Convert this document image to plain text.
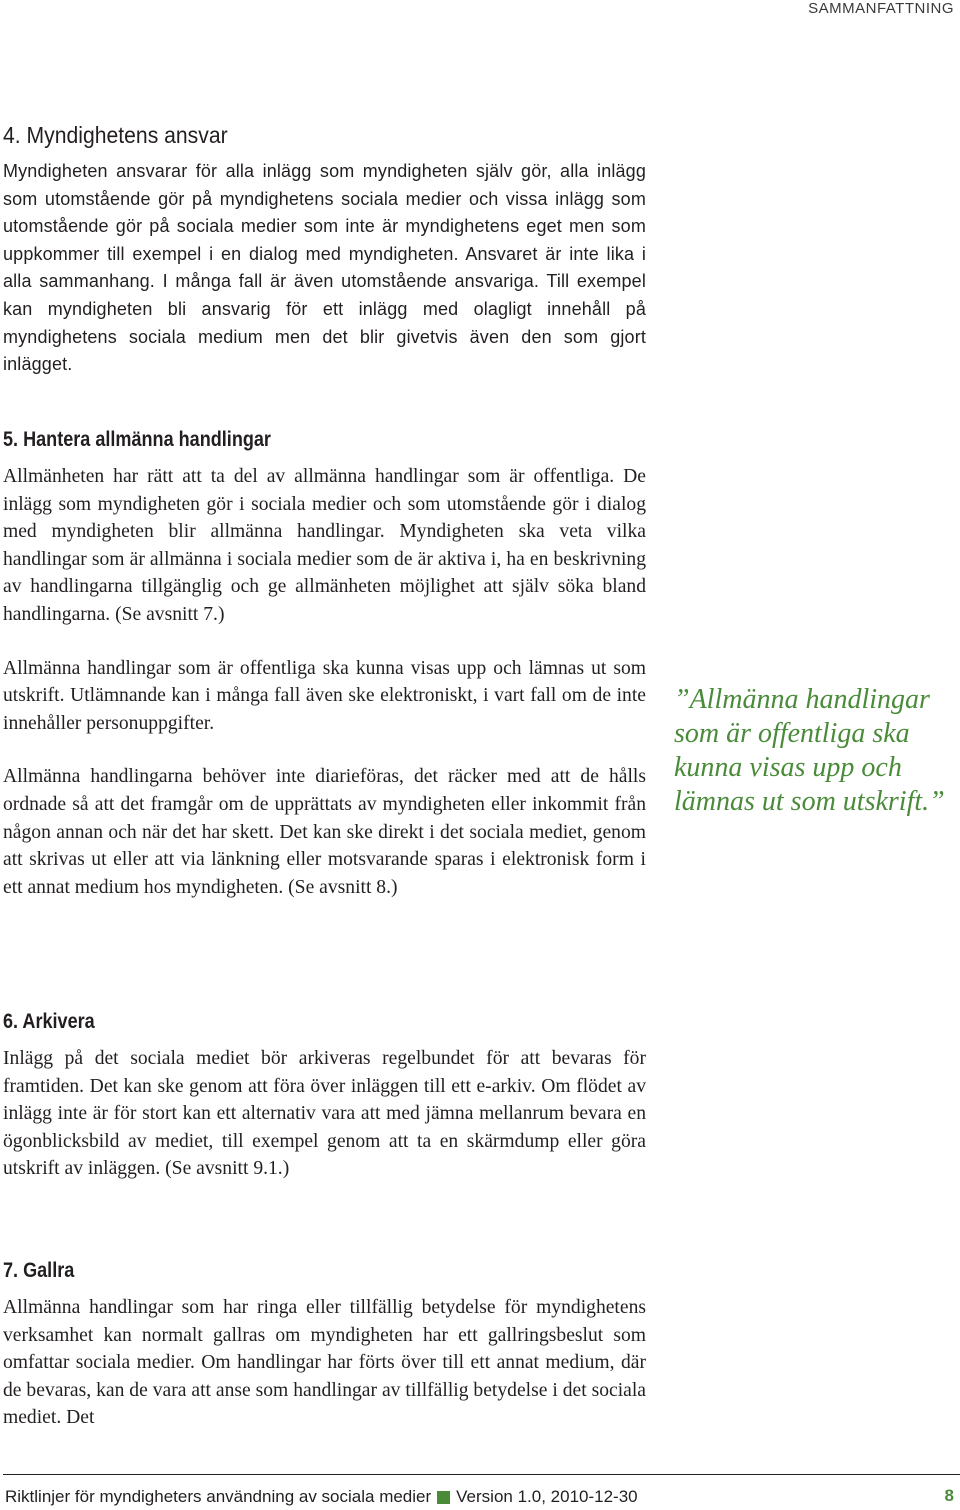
SAMMANFATTNING
4. Myndighetens ansvar

Myndigheten ansvarar för alla inlägg som myndigheten själv gör, alla inlägg som utomstående gör på myndighetens sociala medier och vissa inlägg som utomstående gör på sociala medier som inte är myndighetens eget men som uppkommer till exempel i en dialog med myndigheten. Ansvaret är inte lika i alla sammanhang. I många fall är även utomstående ansvariga. Till exempel kan myndigheten bli ansvarig för ett inlägg med olagligt innehåll på myndighetens sociala medium men det blir givetvis även den som gjort inlägget.

5. Hantera allmänna handlingar

Allmänheten har rätt att ta del av allmänna handlingar som är offentliga. De inlägg som myndigheten gör i sociala medier och som utomstående gör i dialog med myndigheten blir allmänna handlingar. Myndigheten ska veta vilka handlingar som är allmänna i sociala medier som de är aktiva i, ha en beskrivning av handlingarna tillgänglig och ge allmänheten möjlighet att själv söka bland handlingarna. (Se avsnitt 7.)

Allmänna handlingar som är offentliga ska kunna visas upp och lämnas ut som utskrift. Utlämnande kan i många fall även ske elektroniskt, i vart fall om de inte innehåller personuppgifter.

Allmänna handlingarna behöver inte diarieföras, det räcker med att de hålls ordnade så att det framgår om de upprättats av myndigheten eller inkommit från någon annan och när det har skett. Det kan ske direkt i det sociala mediet, genom att skrivas ut eller att via länkning eller motsvarande sparas i elektronisk form i ett annat medium hos myndigheten. (Se avsnitt 8.)

”Allmänna handlingar
som är offentliga ska
kunna visas upp och
lämnas ut som utskrift.”
6. Arkivera

Inlägg på det sociala mediet bör arkiveras regelbundet för att bevaras för framtiden. Det kan ske genom att föra över inläggen till ett e-arkiv. Om flödet av inlägg inte är för stort kan ett alternativ vara att med jämna mellanrum bevara en ögonblicksbild av mediet, till exempel genom att ta en skärmdump eller göra utskrift av inläggen. (Se avsnitt 9.1.)

7. Gallra

Allmänna handlingar som har ringa eller tillfällig betydelse för myndighetens verksamhet kan normalt gallras om myndigheten har ett gallringsbeslut som omfattar sociala medier. Om handlingar har förts över till ett annat medium, där de bevaras, kan de vara att anse som handlingar av tillfällig betydelse i det sociala mediet. Det

Riktlinjer för myndigheters användning av sociala medier Version 1.0, 2010-12-30	8
